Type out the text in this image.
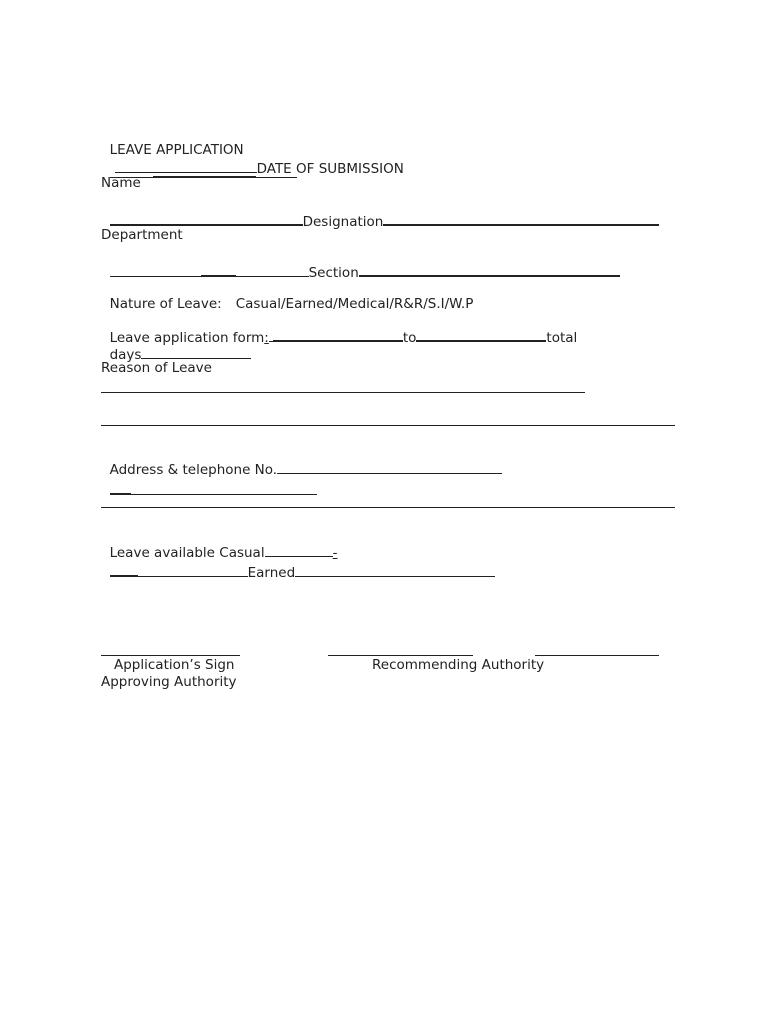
LEAVE APPLICATION
DATE OF SUBMISSION

Name

Designation

Department

Section

Nature of Leave: Casual/Earned/Medical/R&R/S.I/W.P

Leave application form:	to	total

days

Reason of Leave

Address & telephone No.

Leave available Casual	-

Earned

Application’s Sign	Recommending Authority
Approving Authority
